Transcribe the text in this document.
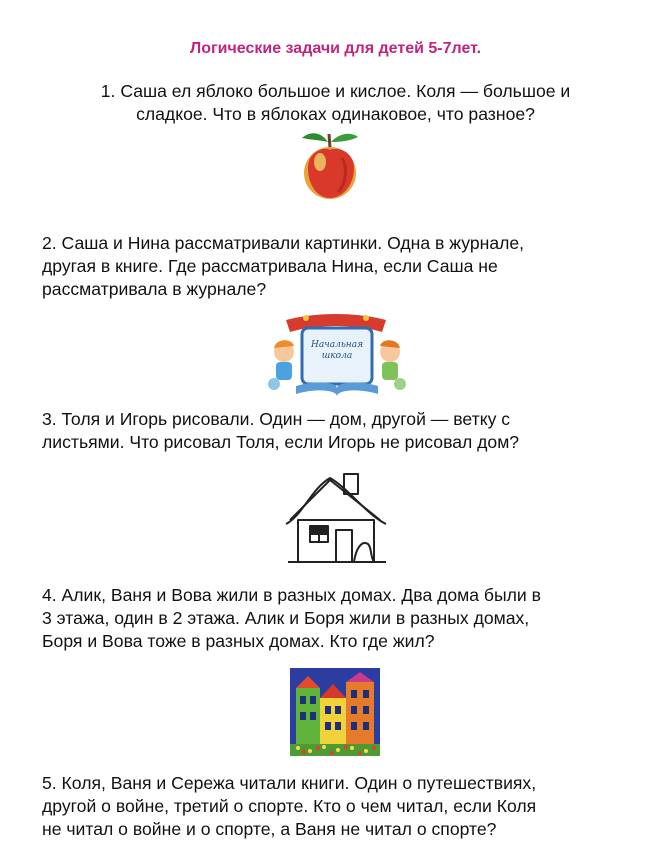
Логические задачи для детей 5-7лет.
1. Саша ел яблоко большое и кислое. Коля — большое и
сладкое. Что в яблоках одинаковое, что разное?
2. Саша и Нина рассматривали картинки. Одна в журнале,
другая в книге. Где рассматривала Нина, если Саша не
рассматривала в журнале?
Начальная
школа
3. Толя и Игорь рисовали. Один — дом, другой — ветку с
листьями. Что рисовал Толя, если Игорь не рисовал дом?
4. Алик, Ваня и Вова жили в разных домах. Два дома были в
3 этажа, один в 2 этажа. Алик и Боря жили в разных домах,
Боря и Вова тоже в разных домах. Кто где жил?
5. Коля, Ваня и Сережа читали книги. Один о путешествиях,
другой о войне, третий о спорте. Кто о чем читал, если Коля
не читал о войне и о спорте, а Ваня не читал о спорте?
